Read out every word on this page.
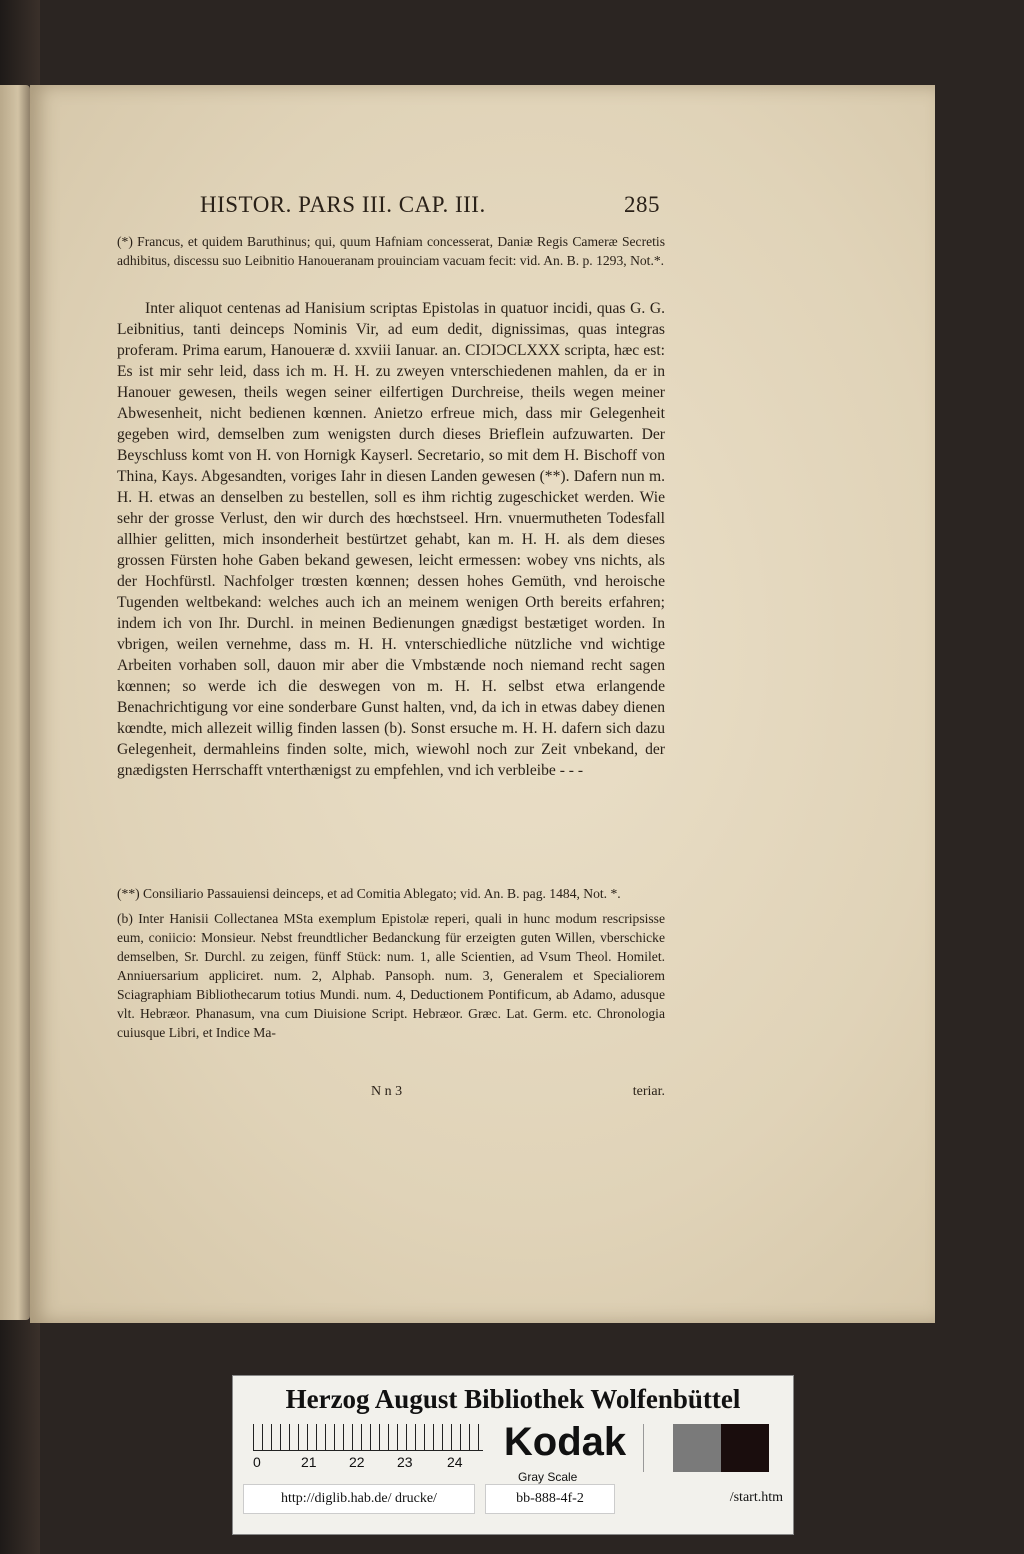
HISTOR. PARS III. CAP. III.	285

(*) Francus, et quidem Baruthinus; qui, quum Hafniam concesserat, Daniæ Regis Cameræ Secretis adhibitus, discessu suo Leibnitio Hanoueranam prouinciam vacuam fecit: vid. An. B. p. 1293, Not.*.

Inter aliquot centenas ad Hanisium scriptas Epistolas in quatuor incidi, quas G. G. Leibnitius, tanti deinceps Nominis Vir, ad eum dedit, dignissimas, quas integras proferam. Prima earum, Hanoueræ d. xxviii Ianuar. an. CIƆIƆCLXXX scripta, hæc est: Es ist mir sehr leid, dass ich m. H. H. zu zweyen vnterschiedenen mahlen, da er in Hanouer gewesen, theils wegen seiner eilfertigen Durchreise, theils wegen meiner Abwesenheit, nicht bedienen kœnnen. Anietzo erfreue mich, dass mir Gelegenheit gegeben wird, demselben zum wenigsten durch dieses Brieflein aufzuwarten. Der Beyschluss komt von H. von Hornigk Kayserl. Secretario, so mit dem H. Bischoff von Thina, Kays. Abgesandten, voriges Iahr in diesen Landen gewesen (**). Dafern nun m. H. H. etwas an denselben zu bestellen, soll es ihm richtig zugeschicket werden. Wie sehr der grosse Verlust, den wir durch des hœchstseel. Hrn. vnuermutheten Todesfall allhier gelitten, mich insonderheit bestürtzet gehabt, kan m. H. H. als dem dieses grossen Fürsten hohe Gaben bekand gewesen, leicht ermessen: wobey vns nichts, als der Hochfürstl. Nachfolger trœsten kœnnen; dessen hohes Gemüth, vnd heroische Tugenden weltbekand: welches auch ich an meinem wenigen Orth bereits erfahren; indem ich von Ihr. Durchl. in meinen Bedienungen gnædigst bestætiget worden. In vbrigen, weilen vernehme, dass m. H. H. vnterschiedliche nützliche vnd wichtige Arbeiten vorhaben soll, dauon mir aber die Vmbstænde noch niemand recht sagen kœnnen; so werde ich die deswegen von m. H. H. selbst etwa erlangende Benachrichtigung vor eine sonderbare Gunst halten, vnd, da ich in etwas dabey dienen kœndte, mich allezeit willig finden lassen (b). Sonst ersuche m. H. H. dafern sich dazu Gelegenheit, dermahleins finden solte, mich, wiewohl noch zur Zeit vnbekand, der gnædigsten Herrschafft vnterthænigst zu empfehlen, vnd ich verbleibe - - -

(**) Consiliario Passauiensi deinceps, et ad Comitia Ablegato; vid. An. B. pag. 1484, Not. *.

(b) Inter Hanisii Collectanea MSta exemplum Epistolæ reperi, quali in hunc modum rescripsisse eum, coniicio: Monsieur. Nebst freundtlicher Bedanckung für erzeigten guten Willen, vberschicke demselben, Sr. Durchl. zu zeigen, fünff Stück: num. 1, alle Scientien, ad Vsum Theol. Homilet. Anniuersarium appliciret. num. 2, Alphab. Pansoph. num. 3, Generalem et Specialiorem Sciagraphiam Bibliothecarum totius Mundi. num. 4, Deductionem Pontificum, ab Adamo, adusque vlt. Hebræor. Phanasum, vna cum Diuisione Script. Hebræor. Græc. Lat. Germ. etc. Chronologia cuiusque Libri, et Indice Ma-

N n 3	teriar.
Herzog August Bibliothek Wolfenbüttel
0	21 22 23 24 Kodak
Gray Scale
http://diglib.hab.de/ drucke/	bb-888-4f-2	/start.htm
